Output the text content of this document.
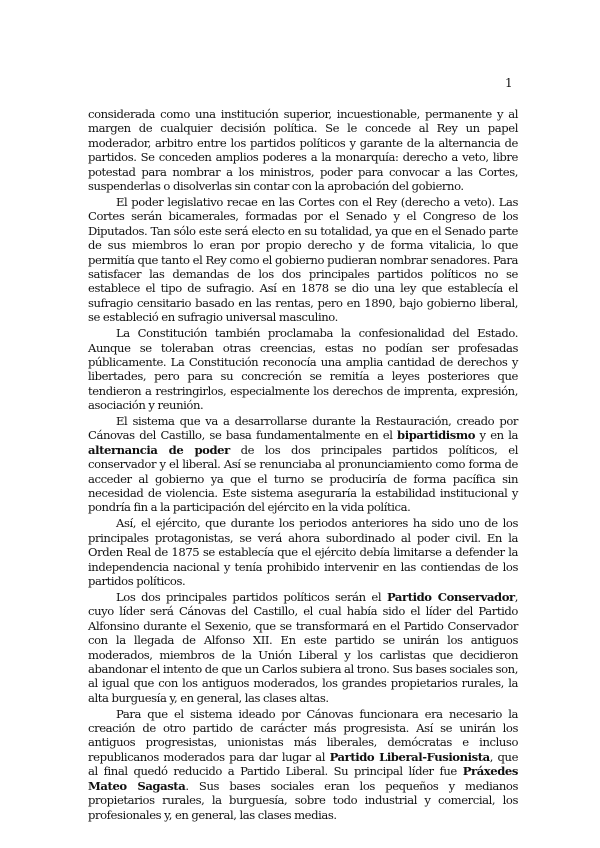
1

considerada como una institución superior, incuestionable, permanente y al margen de cualquier decisión política. Se le concede al Rey un papel moderador, arbitro entre los partidos políticos y garante de la alternancia de partidos. Se conceden amplios poderes a la monarquía: derecho a veto, libre potestad para nombrar a los ministros, poder para convocar a las Cortes, suspenderlas o disolverlas sin contar con la aprobación del gobierno.

El poder legislativo recae en las Cortes con el Rey (derecho a veto). Las Cortes serán bicamerales, formadas por el Senado y el Congreso de los Diputados. Tan sólo este será electo en su totalidad, ya que en el Senado parte de sus miembros lo eran por propio derecho y de forma vitalicia, lo que permitía que tanto el Rey como el gobierno pudieran nombrar senadores. Para satisfacer las demandas de los dos principales partidos políticos no se establece el tipo de sufragio. Así en 1878 se dio una ley que establecía el sufragio censitario basado en las rentas, pero en 1890, bajo gobierno liberal, se estableció en sufragio universal masculino.

La Constitución también proclamaba la confesionalidad del Estado. Aunque se toleraban otras creencias, estas no podían ser profesadas públicamente. La Constitución reconocía una amplia cantidad de derechos y libertades, pero para su concreción se remitía a leyes posteriores que tendieron a restringirlos, especialmente los derechos de imprenta, expresión, asociación y reunión.

El sistema que va a desarrollarse durante la Restauración, creado por Cánovas del Castillo, se basa fundamentalmente en el bipartidismo y en la alternancia de poder de los dos principales partidos políticos, el conservador y el liberal. Así se renunciaba al pronunciamiento como forma de acceder al gobierno ya que el turno se produciría de forma pacífica sin necesidad de violencia. Este sistema aseguraría la estabilidad institucional y pondría fin a la participación del ejército en la vida política.

Así, el ejército, que durante los periodos anteriores ha sido uno de los principales protagonistas, se verá ahora subordinado al poder civil. En la Orden Real de 1875 se establecía que el ejército debía limitarse a defender la independencia nacional y tenía prohibido intervenir en las contiendas de los partidos políticos.

Los dos principales partidos políticos serán el Partido Conservador, cuyo líder será Cánovas del Castillo, el cual había sido el líder del Partido Alfonsino durante el Sexenio, que se transformará en el Partido Conservador con la llegada de Alfonso XII. En este partido se unirán los antiguos moderados, miembros de la Unión Liberal y los carlistas que decidieron abandonar el intento de que un Carlos subiera al trono. Sus bases sociales son, al igual que con los antiguos moderados, los grandes propietarios rurales, la alta burguesía y, en general, las clases altas.

Para que el sistema ideado por Cánovas funcionara era necesario la creación de otro partido de carácter más progresista. Así se unirán los antiguos progresistas, unionistas más liberales, demócratas e incluso republicanos moderados para dar lugar al Partido Liberal-Fusionista, que al final quedó reducido a Partido Liberal. Su principal líder fue Práxedes Mateo Sagasta. Sus bases sociales eran los pequeños y medianos propietarios rurales, la burguesía, sobre todo industrial y comercial, los profesionales y, en general, las clases medias.
